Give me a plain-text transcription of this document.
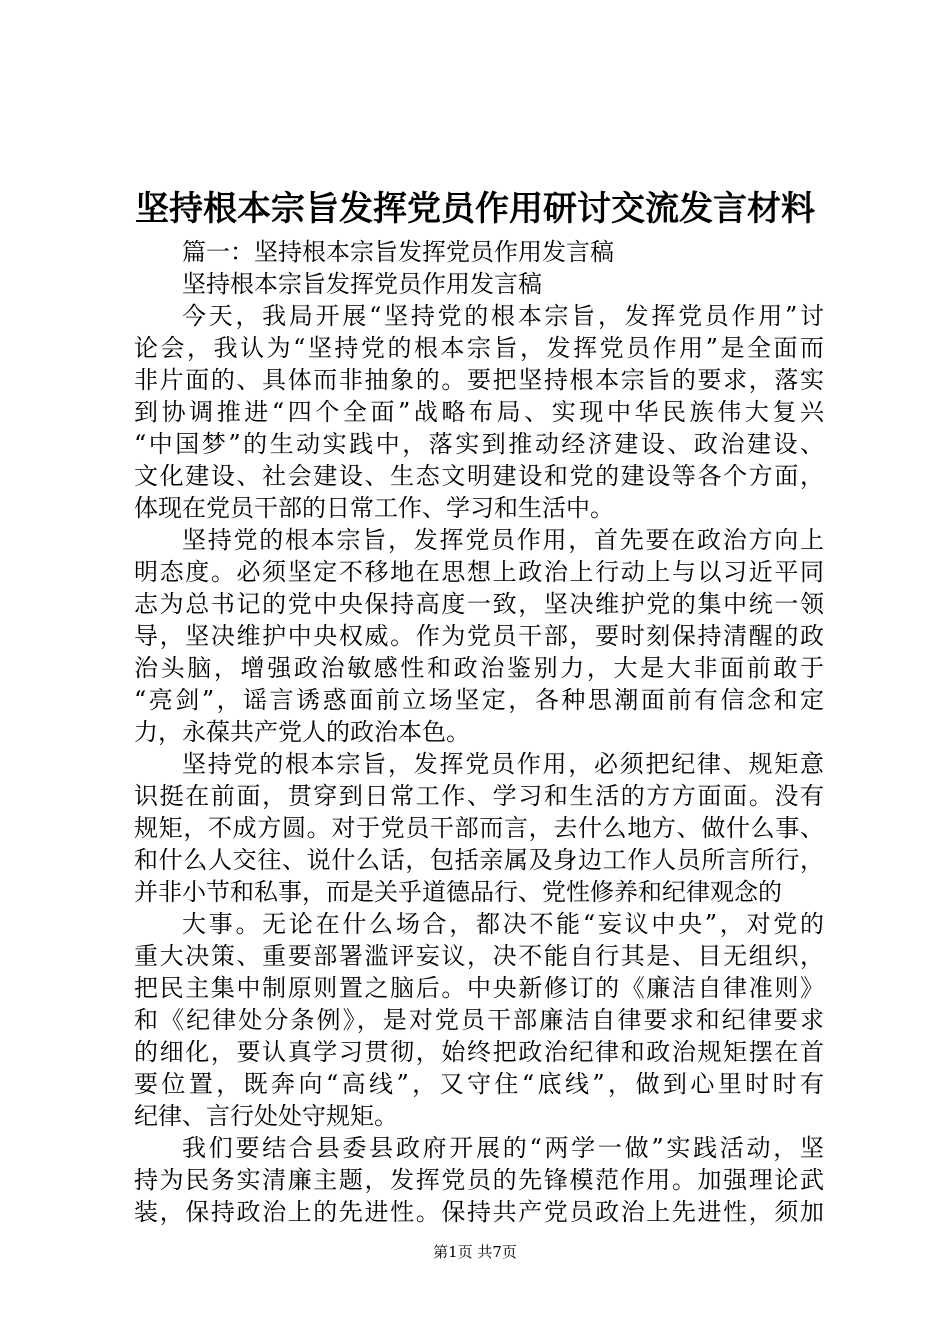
坚持根本宗旨发挥党员作用研讨交流发言材料
篇一：坚持根本宗旨发挥党员作用发言稿
坚持根本宗旨发挥党员作用发言稿
今天，我局开展“坚持党的根本宗旨，发挥党员作用”讨
论会，我认为“坚持党的根本宗旨，发挥党员作用”是全面而
非片面的、具体而非抽象的。要把坚持根本宗旨的要求，落实
到协调推进“四个全面”战略布局、实现中华民族伟大复兴
“中国梦”的生动实践中，落实到推动经济建设、政治建设、
文化建设、社会建设、生态文明建设和党的建设等各个方面，
体现在党员干部的日常工作、学习和生活中。
坚持党的根本宗旨，发挥党员作用，首先要在政治方向上
明态度。必须坚定不移地在思想上政治上行动上与以习近平同
志为总书记的党中央保持高度一致，坚决维护党的集中统一领
导，坚决维护中央权威。作为党员干部，要时刻保持清醒的政
治头脑，增强政治敏感性和政治鉴别力，大是大非面前敢于
“亮剑”，谣言诱惑面前立场坚定，各种思潮面前有信念和定
力，永葆共产党人的政治本色。
坚持党的根本宗旨，发挥党员作用，必须把纪律、规矩意
识挺在前面，贯穿到日常工作、学习和生活的方方面面。没有
规矩，不成方圆。对于党员干部而言，去什么地方、做什么事、
和什么人交往、说什么话，包括亲属及身边工作人员所言所行，
并非小节和私事，而是关乎道德品行、党性修养和纪律观念的
大事。无论在什么场合，都决不能“妄议中央”，对党的
重大决策、重要部署滥评妄议，决不能自行其是、目无组织，
把民主集中制原则置之脑后。中央新修订的《廉洁自律准则》
和《纪律处分条例》，是对党员干部廉洁自律要求和纪律要求
的细化，要认真学习贯彻，始终把政治纪律和政治规矩摆在首
要位置，既奔向“高线”，又守住“底线”，做到心里时时有
纪律、言行处处守规矩。
我们要结合县委县政府开展的“两学一做”实践活动，坚
持为民务实清廉主题，发挥党员的先锋模范作用。加强理论武
装，保持政治上的先进性。保持共产党员政治上先进性，须加
第1页 共7页
